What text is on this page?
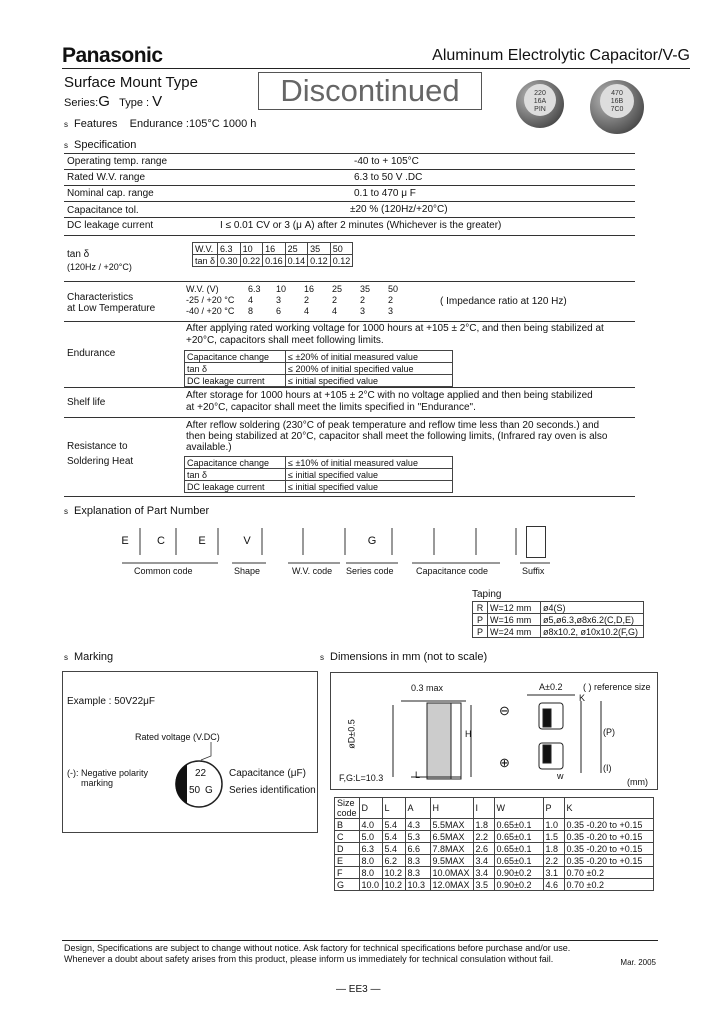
Panasonic	Aluminum Electrolytic Capacitor/V-G
Surface Mount Type
Series:G Type : V	Discontinued	220
16A
PIN
470
16B
7C0
s Features Endurance :105°C 1000 h
s Specification
Operating temp. range	-40 to + 105°C
Rated W.V. range	6.3 to 50 V .DC
Nominal cap. range	0.1 to 470 μ F
Capacitance tol.	±20 % (120Hz/+20°C)
DC leakage current	I ≤ 0.01 CV or 3 (μ A) after 2 minutes (Whichever is the greater)
tan δ
(120Hz / +20°C)
W.V.	6.3	10	16	25	35	50
tan δ	0.30	0.22	0.16	0.14	0.12	0.12
Characteristics
at Low Temperature
W.V. (V)	6.3	10	16	25	35	50
-25 / +20 °C	4	3	2	2	2	2
-40 / +20 °C	8	6	4	4	3	3
( Impedance ratio at 120 Hz)
Endurance
After applying rated working voltage for 1000 hours at +105 ± 2°C, and then being stabilized at
+20°C, capacitors shall meet following limits.
Capacitance change	≤ ±20% of initial measured value
tan δ	≤ 200% of initial specified value
DC leakage current	≤ initial specified value
Shelf life
After storage for 1000 hours at +105 ± 2°C with no voltage applied and then being stabilized
at +20°C, capacitor shall meet the limits specified in "Endurance".
Resistance to
Soldering Heat
After reflow soldering (230°C of peak temperature and reflow time less than 20 seconds.) and
then being stabilized at 20°C, capacitor shall meet the following limits, (Infrared ray oven is also
available.)
Capacitance change	≤ ±10% of initial measured value
tan δ	≤ initial specified value
DC leakage current	≤ initial specified value
s Explanation of Part Number
E	C	E	V	G
Common code	Shape	W.V. code Series code Capacitance code	Suffix
Taping
R	W=12 mm	ø4(S)
P	W=16 mm	ø5,ø6.3,ø8x6.2(C,D,E)
P	W=24 mm	ø8x10.2, ø10x10.2(F,G)
s Marking
Example : 50V22μF
Rated voltage (V.DC)
(-): Negative polarity
marking
22
50 G
Capacitance (μF)
Series identification
s Dimensions in mm (not to scale)
0.3 max	A±0.2 ( ) reference size
øD±0.5	H
L
F,G:L=10.3	w
K
(P)
(I)
⊖
⊕
(mm)
Size code	D	L	A	H	I	W	P	K
B	4.0	5.4	4.3	5.5MAX	1.8	0.65±0.1	1.0	0.35 -0.20 to +0.15
C	5.0	5.4	5.3	6.5MAX	2.2	0.65±0.1	1.5	0.35 -0.20 to +0.15
D	6.3	5.4	6.6	7.8MAX	2.6	0.65±0.1	1.8	0.35 -0.20 to +0.15
E	8.0	6.2	8.3	9.5MAX	3.4	0.65±0.1	2.2	0.35 -0.20 to +0.15
F	8.0	10.2	8.3	10.0MAX	3.4	0.90±0.2	3.1	0.70 ±0.2
G	10.0	10.2	10.3	12.0MAX	3.5	0.90±0.2	4.6	0.70 ±0.2
Design, Specifications are subject to change without notice. Ask factory for technical specifications before purchase and/or use.
Whenever a doubt about safety arises from this product, please inform us immediately for technical consulation without fail.	Mar. 2005
— EE3 —
